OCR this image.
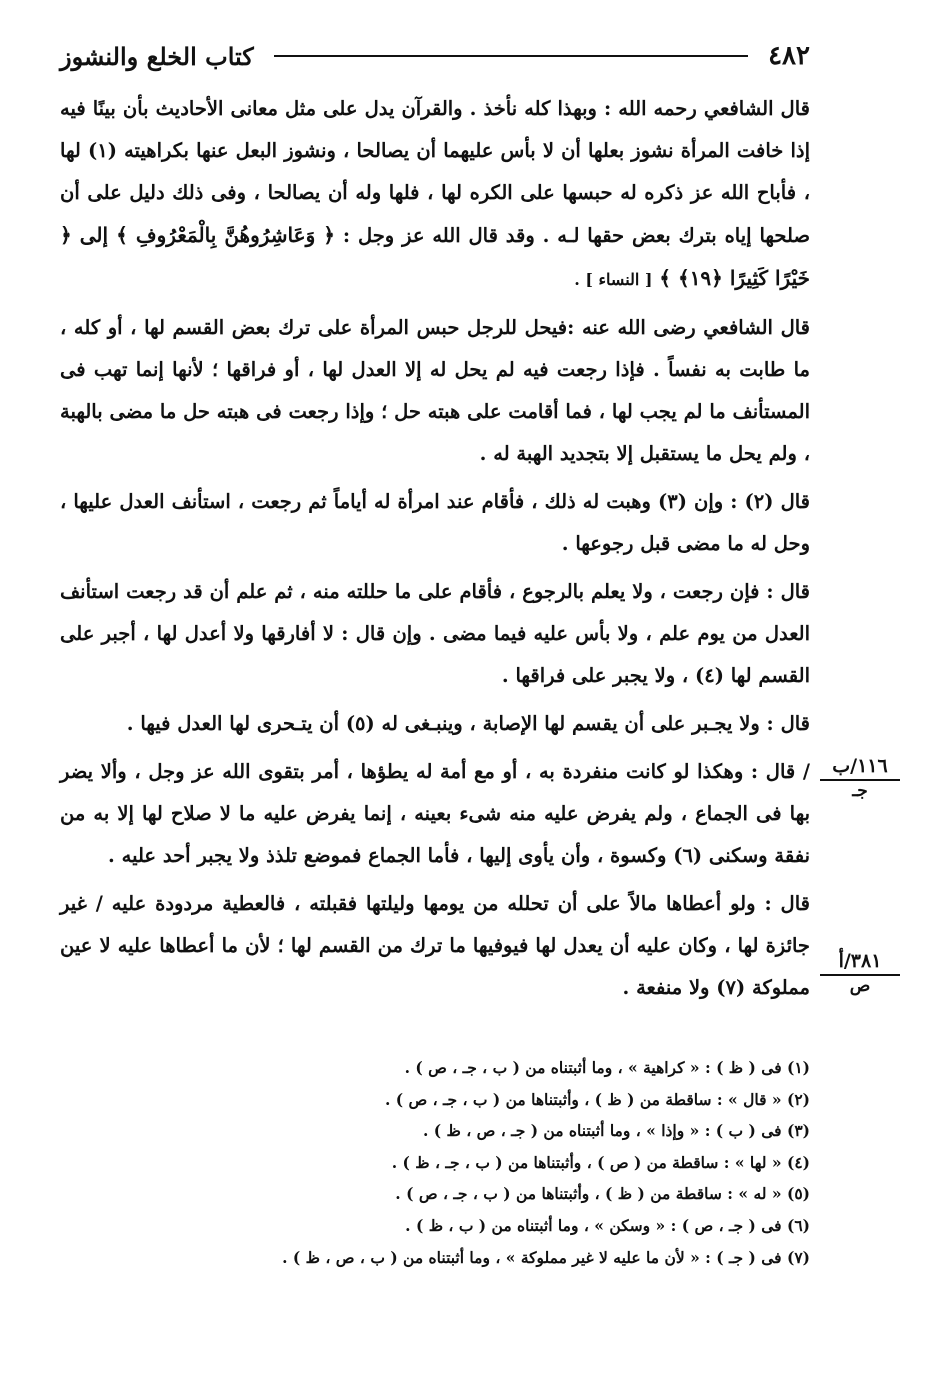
٤٨٢
كتاب الخلع والنشوز

قال الشافعي رحمه الله : وبهذا كله نأخذ . والقرآن يدل على مثل معانى الأحاديث بأن بينًا فيه إذا خافت المرأة نشوز بعلها أن لا بأس عليهما أن يصالحا ، ونشوز البعل عنها بكراهيته (١) لها ، فأباح الله عز ذكره له حبسها على الكره لها ، فلها وله أن يصالحا ، وفى ذلك دليل على أن صلحها إياه بترك بعض حقها لـه . وقد قال الله عز وجل : ﴿ وَعَاشِرُوهُنَّ بِالْمَعْرُوفِ ﴾ إلى ﴿ خَيْرًا كَثِيرًا ﴿١٩﴾ ﴾ [ النساء ] .

قال الشافعي رضى الله عنه :فيحل للرجل حبس المرأة على ترك بعض القسم لها ، أو كله ، ما طابت به نفساً . فإذا رجعت فيه لم يحل له إلا العدل لها ، أو فراقها ؛ لأنها إنما تهب فى المستأنف ما لم يجب لها ، فما أقامت على هبته حل ؛ وإذا رجعت فى هبته حل ما مضى بالهبة ، ولم يحل ما يستقبل إلا بتجديد الهبة له .

قال (٢) : وإن (٣) وهبت له ذلك ، فأقام عند امرأة له أياماً ثم رجعت ، استأنف العدل عليها ، وحل له ما مضى قبل رجوعها .

قال : فإن رجعت ، ولا يعلم بالرجوع ، فأقام على ما حللته منه ، ثم علم أن قد رجعت استأنف العدل من يوم علم ، ولا بأس عليه فيما مضى . وإن قال : لا أفارقها ولا أعدل لها ، أجبر على القسم لها (٤) ، ولا يجبر على فراقها .

قال : ولا يجـبر على أن يقسم لها الإصابة ، وينبـغى له (٥) أن يتـحرى لها العدل فيها .

/ قال : وهكذا لو كانت منفردة به ، أو مع أمة له يطؤها ، أمر بتقوى الله عز وجل ، وألا يضر بها فى الجماع ، ولم يفرض عليه منه شىء بعينه ، إنما يفرض عليه ما لا صلاح لها إلا به من نفقة وسكنى (٦) وكسوة ، وأن يأوى إليها ، فأما الجماع فموضع تلذذ ولا يجبر أحد عليه .

قال : ولو أعطاها مالاً على أن تحلله من يومها وليلتها فقبلته ، فالعطية مردودة عليه / غير جائزة لها ، وكان عليه أن يعدل لها فيوفيها ما ترك من القسم لها ؛ لأن ما أعطاها عليه لا عين مملوكة (٧) ولا منفعة .

١١٦/ب
جـ
٣٨١/أ
ص
(١) فى ( ظ ) : « كراهية » ، وما أثبتناه من ( ب ، جـ ، ص ) .
(٢) « قال » : ساقطة من ( ظ ) ، وأثبتناها من ( ب ، جـ ، ص ) .
(٣) فى ( ب ) : « وإذا » ، وما أثبتناه من ( جـ ، ص ، ظ ) .
(٤) « لها » : ساقطة من ( ص ) ، وأثبتناها من ( ب ، جـ ، ظ ) .
(٥) « له » : ساقطة من ( ظ ) ، وأثبتناها من ( ب ، جـ ، ص ) .
(٦) فى ( جـ ، ص ) : « وسكن » ، وما أثبتناه من ( ب ، ظ ) .
(٧) فى ( جـ ) : « لأن ما عليه لا غير مملوكة » ، وما أثبتناه من ( ب ، ص ، ظ ) .
